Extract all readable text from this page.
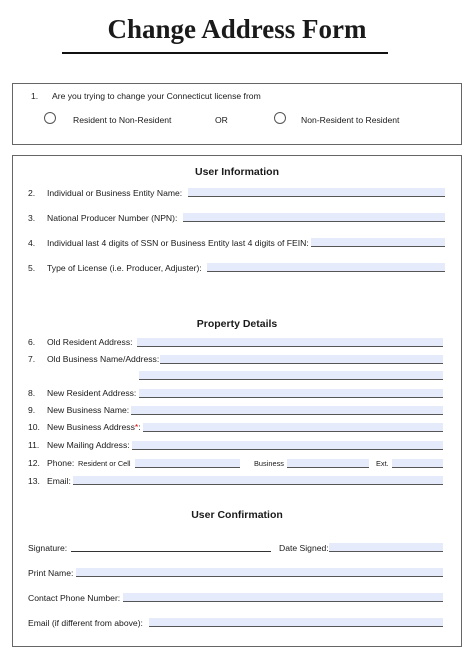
Change Address Form
1. Are you trying to change your Connecticut license from
Resident to Non-Resident	OR	Non-Resident to Resident
User Information
2. Individual or Business Entity Name:
3. National Producer Number (NPN):
4. Individual last 4 digits of SSN or Business Entity last 4 digits of FEIN:
5. Type of License (i.e. Producer, Adjuster):
Property Details
6. Old Resident Address:
7. Old Business Name/Address:
8. New Resident Address:
9. New Business Name:
10. New Business Address*:
11. New Mailing Address:
12. Phone: Resident or Cell	Business	Ext.
13. Email:
User Confirmation
Signature:	Date Signed:
Print Name:
Contact Phone Number:
Email (if different from above):
